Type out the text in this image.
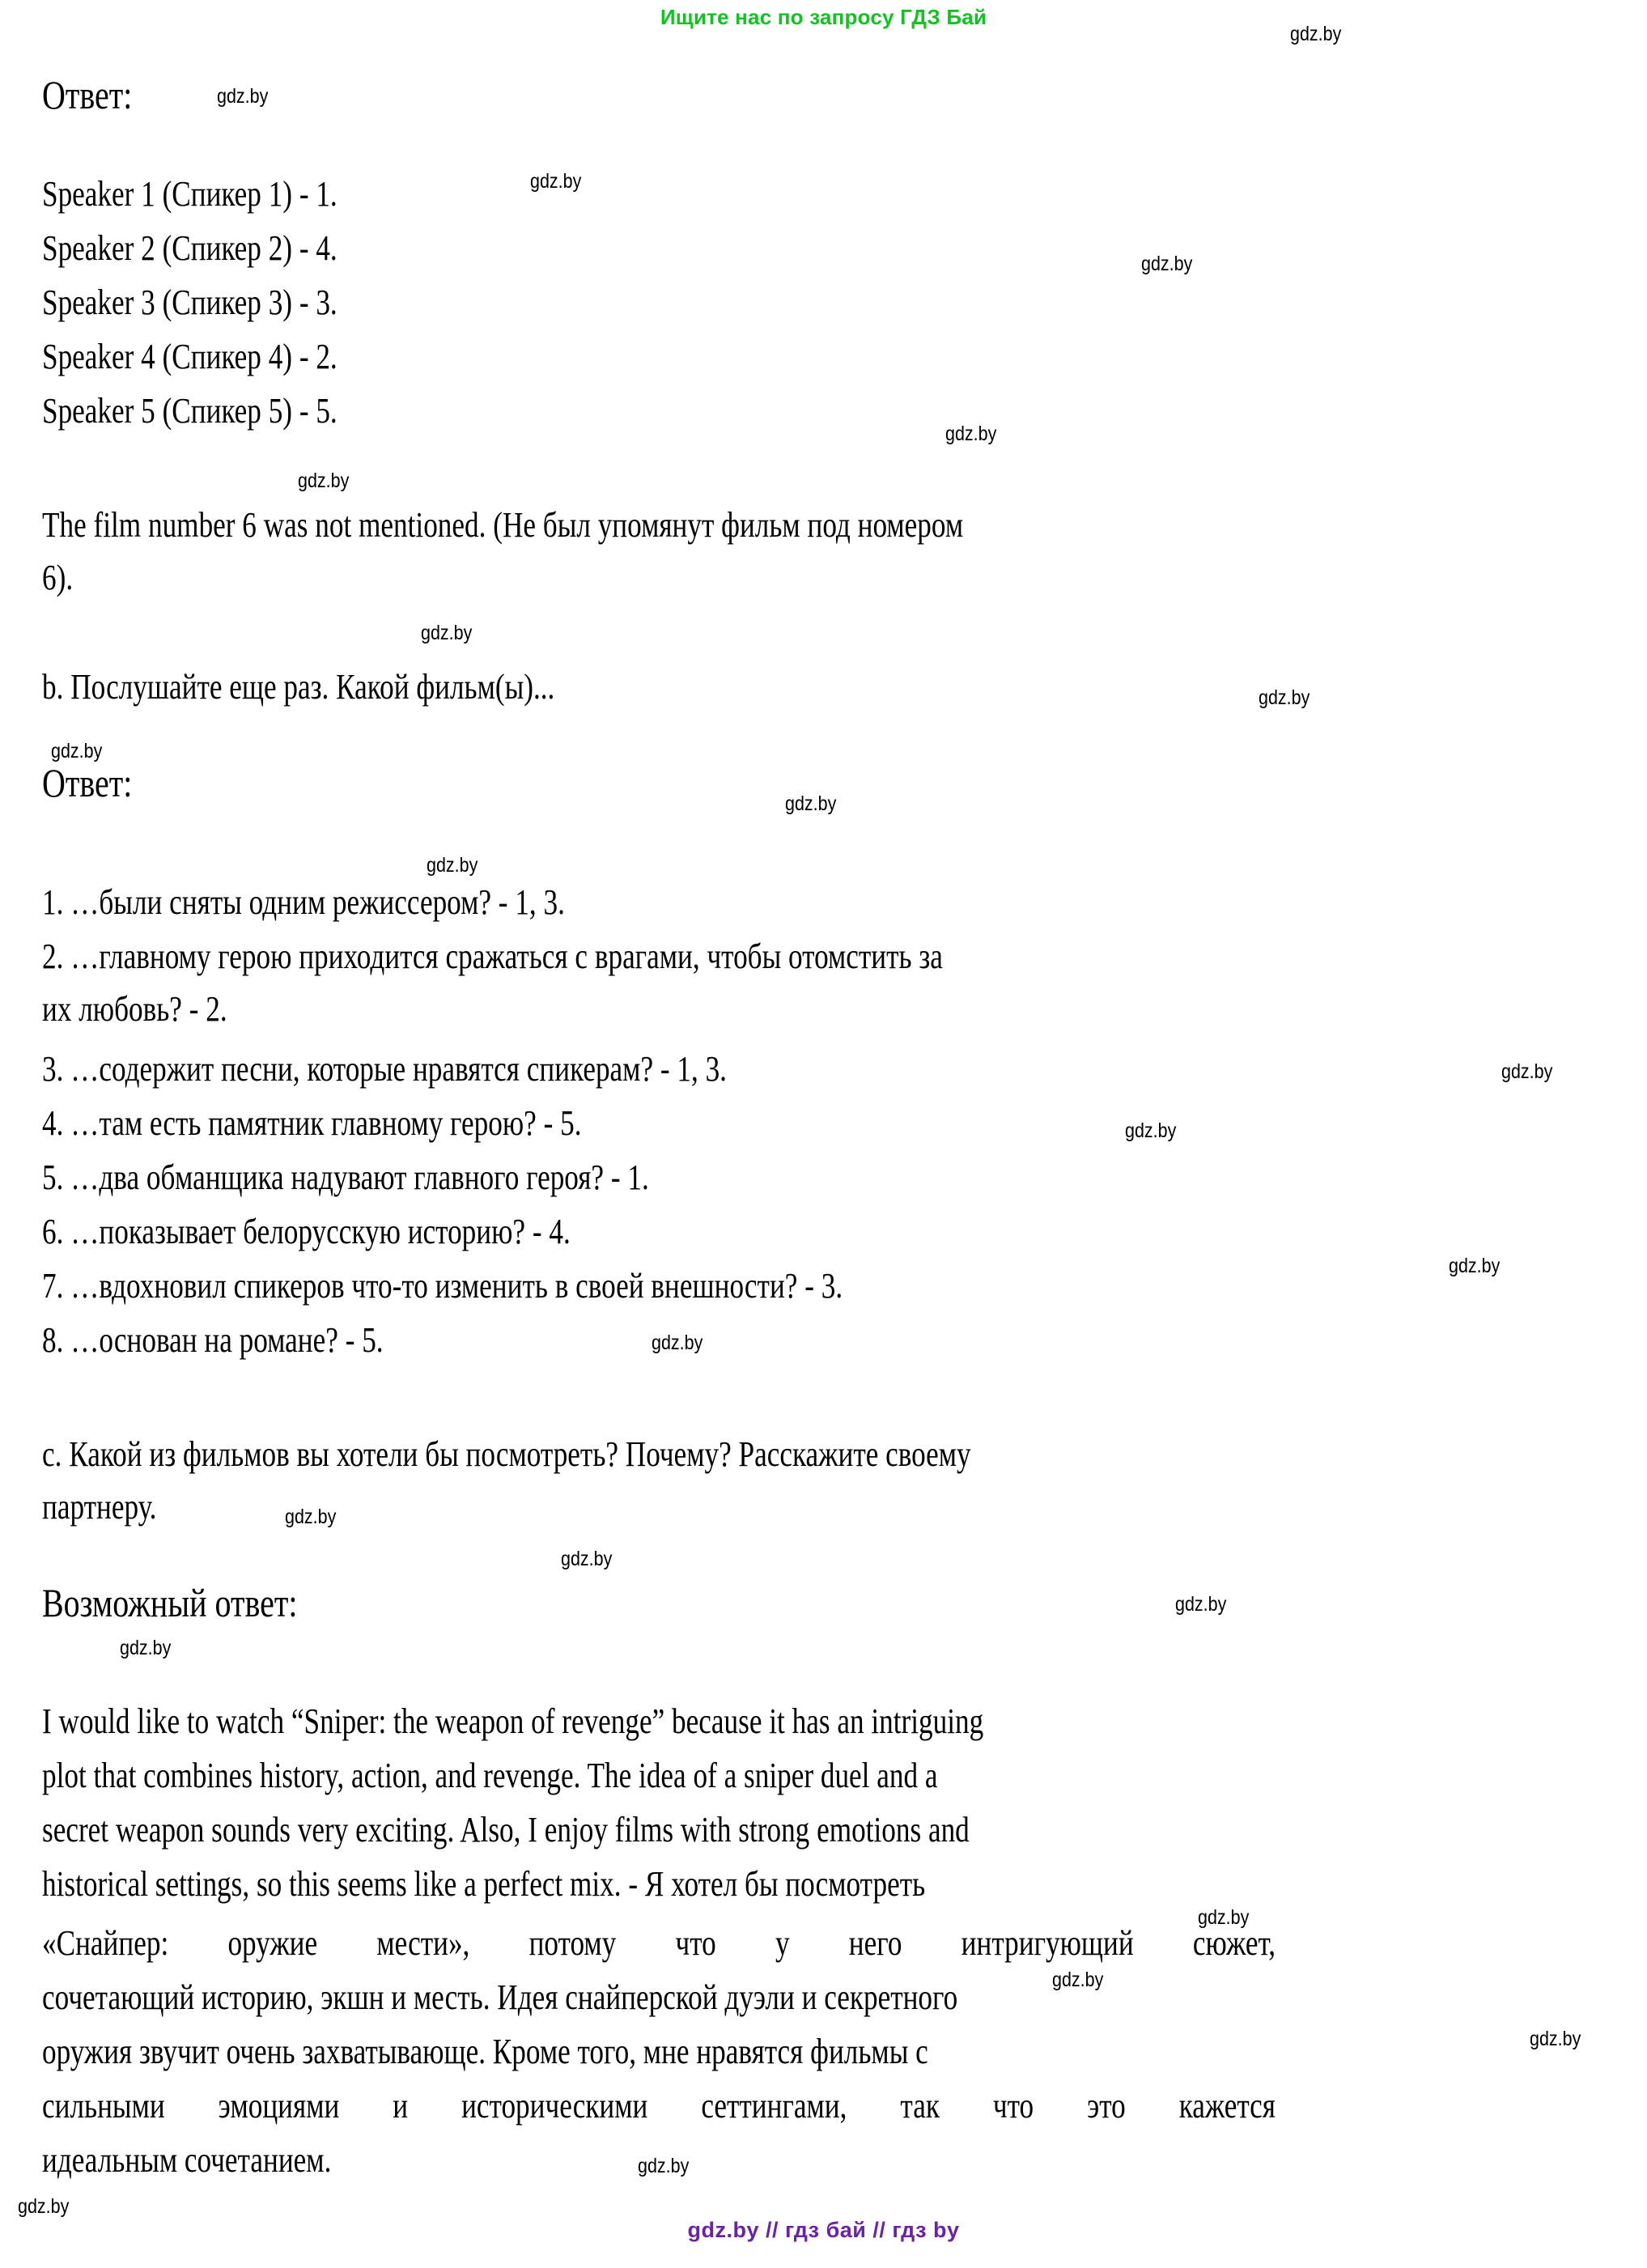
Ищите нас по запросу ГДЗ Бай
gdz.by
gdz.by
gdz.by
gdz.by
gdz.by
gdz.by
gdz.by
gdz.by
gdz.by
gdz.by
gdz.by
gdz.by
gdz.by
gdz.by
gdz.by
gdz.by
gdz.by
gdz.by
gdz.by
gdz.by
gdz.by
gdz.by
gdz.by
gdz.by
Ответ:
Speaker 1 (Спикер 1) - 1.
Speaker 2 (Спикер 2) - 4.
Speaker 3 (Спикер 3) - 3.
Speaker 4 (Спикер 4) - 2.
Speaker 5 (Спикер 5) - 5.
The film number 6 was not mentioned. (Не был упомянут фильм под номером
6).
b. Послушайте еще раз. Какой фильм(ы)...
Ответ:
1. …были сняты одним режиссером? - 1, 3.
2. …главному герою приходится сражаться с врагами, чтобы отомстить за
их любовь? - 2.
3. …содержит песни, которые нравятся спикерам? - 1, 3.
4. …там есть памятник главному герою? - 5.
5. …два обманщика надувают главного героя? - 1.
6. …показывает белорусскую историю? - 4.
7. …вдохновил спикеров что-то изменить в своей внешности? - 3.
8. …основан на романе? - 5.
c. Какой из фильмов вы хотели бы посмотреть? Почему? Расскажите своему
партнеру.
Возможный ответ:
I would like to watch “Sniper: the weapon of revenge” because it has an intriguing
plot that combines history, action, and revenge. The idea of a sniper duel and a
secret weapon sounds very exciting. Also, I enjoy films with strong emotions and
historical settings, so this seems like a perfect mix. - Я хотел бы посмотреть
«Снайпер: оружие мести», потому что у него интригующий сюжет,
сочетающий историю, экшн и месть. Идея снайперской дуэли и секретного
оружия звучит очень захватывающе. Кроме того, мне нравятся фильмы с
сильными эмоциями и историческими сеттингами, так что это кажется
идеальным сочетанием.
gdz.by // гдз бай // гдз by
